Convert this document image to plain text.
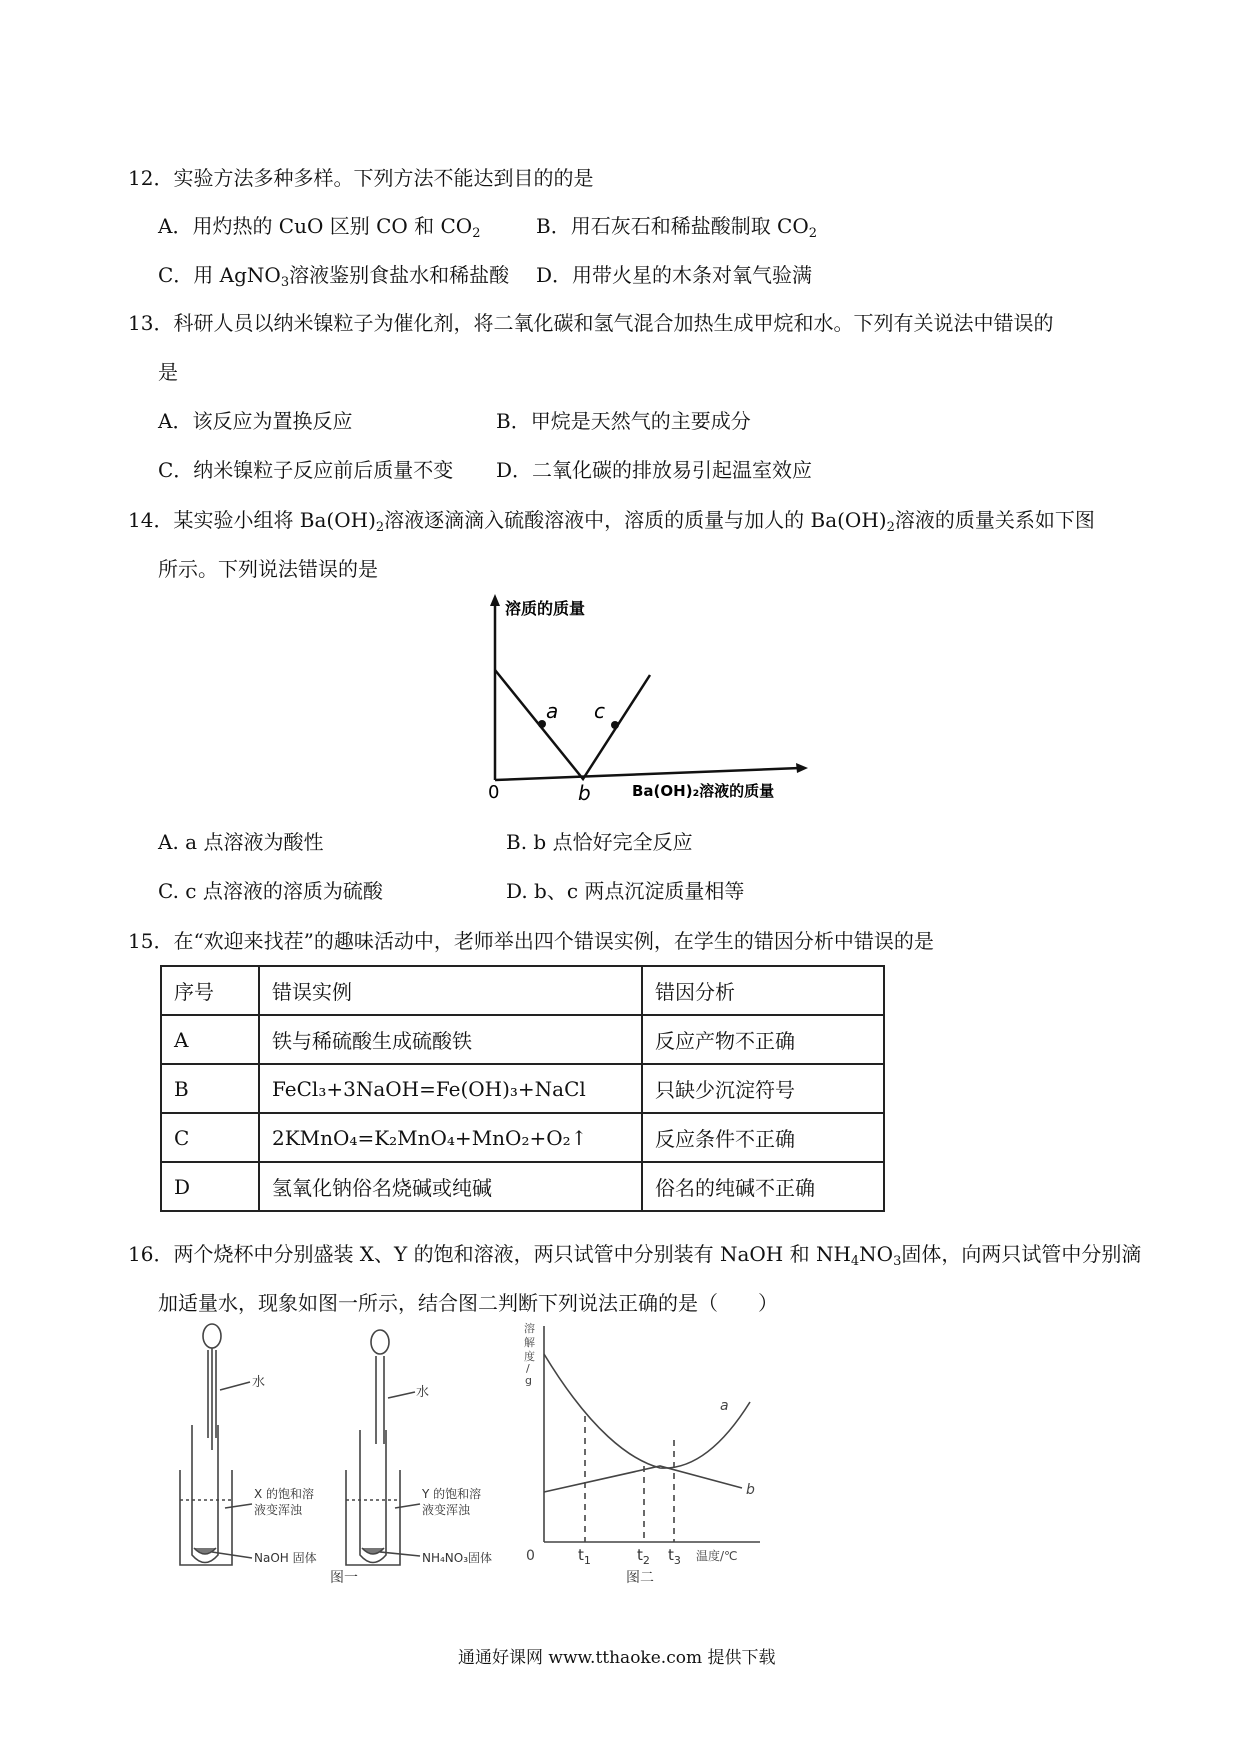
12．实验方法多种多样。下列方法不能达到目的的是
A．用灼热的 CuO 区别 CO 和 $CO_2$	B．用石灰石和稀盐酸制取 $CO_2$
C．用 AgNO$_3$溶液鉴别食盐水和稀盐酸 D．用带火星的木条对氧气验满
13．科研人员以纳米镍粒子为催化剂，将二氧化碳和氢气混合加热生成甲烷和水。下列有关说法中错误的
是
A．该反应为置换反应	B．甲烷是天然气的主要成分
C．纳米镍粒子反应前后质量不变 D．二氧化碳的排放易引起温室效应
14．某实验小组将 $Ba(OH)_2$溶液逐滴滴入硫酸溶液中，溶质的质量与加人的 $Ba(OH)_2$溶液的质量关系如下图
所示。下列说法错误的是
溶质的质量
Ba(OH)₂溶液的质量
0	b
a c
A. a 点溶液为酸性	B. b 点恰好完全反应
C. c 点溶液的溶质为硫酸	D. b、c 两点沉淀质量相等
15．在“欢迎来找茬”的趣味活动中，老师举出四个错误实例，在学生的错因分析中错误的是
序号	错误实例	错因分析
A	铁与稀硫酸生成硫酸铁	反应产物不正确
B	FeCl₃+3NaOH=Fe(OH)₃+NaCl	只缺少沉淀符号
C	2KMnO₄=K₂MnO₄+MnO₂+O₂↑	反应条件不正确
D	氢氧化钠俗名烧碱或纯碱	俗名的纯碱不正确
16．两个烧杯中分别盛装 X、Y 的饱和溶液，两只试管中分别装有 NaOH 和 $NH_4NO_3$固体，向两只试管中分别滴
加适量水，现象如图一所示，结合图二判断下列说法正确的是（　　）
水
X 的饱和溶
液变浑浊
NaOH 固体
水
Y 的饱和溶
液变浑浊
NH₄NO₃固体
图一
溶
解
度
/
g
a
b
0	$t_1$	$t_2$ $t_3$ 温度/℃
图二
通通好课网 www.tthaoke.com 提供下载
